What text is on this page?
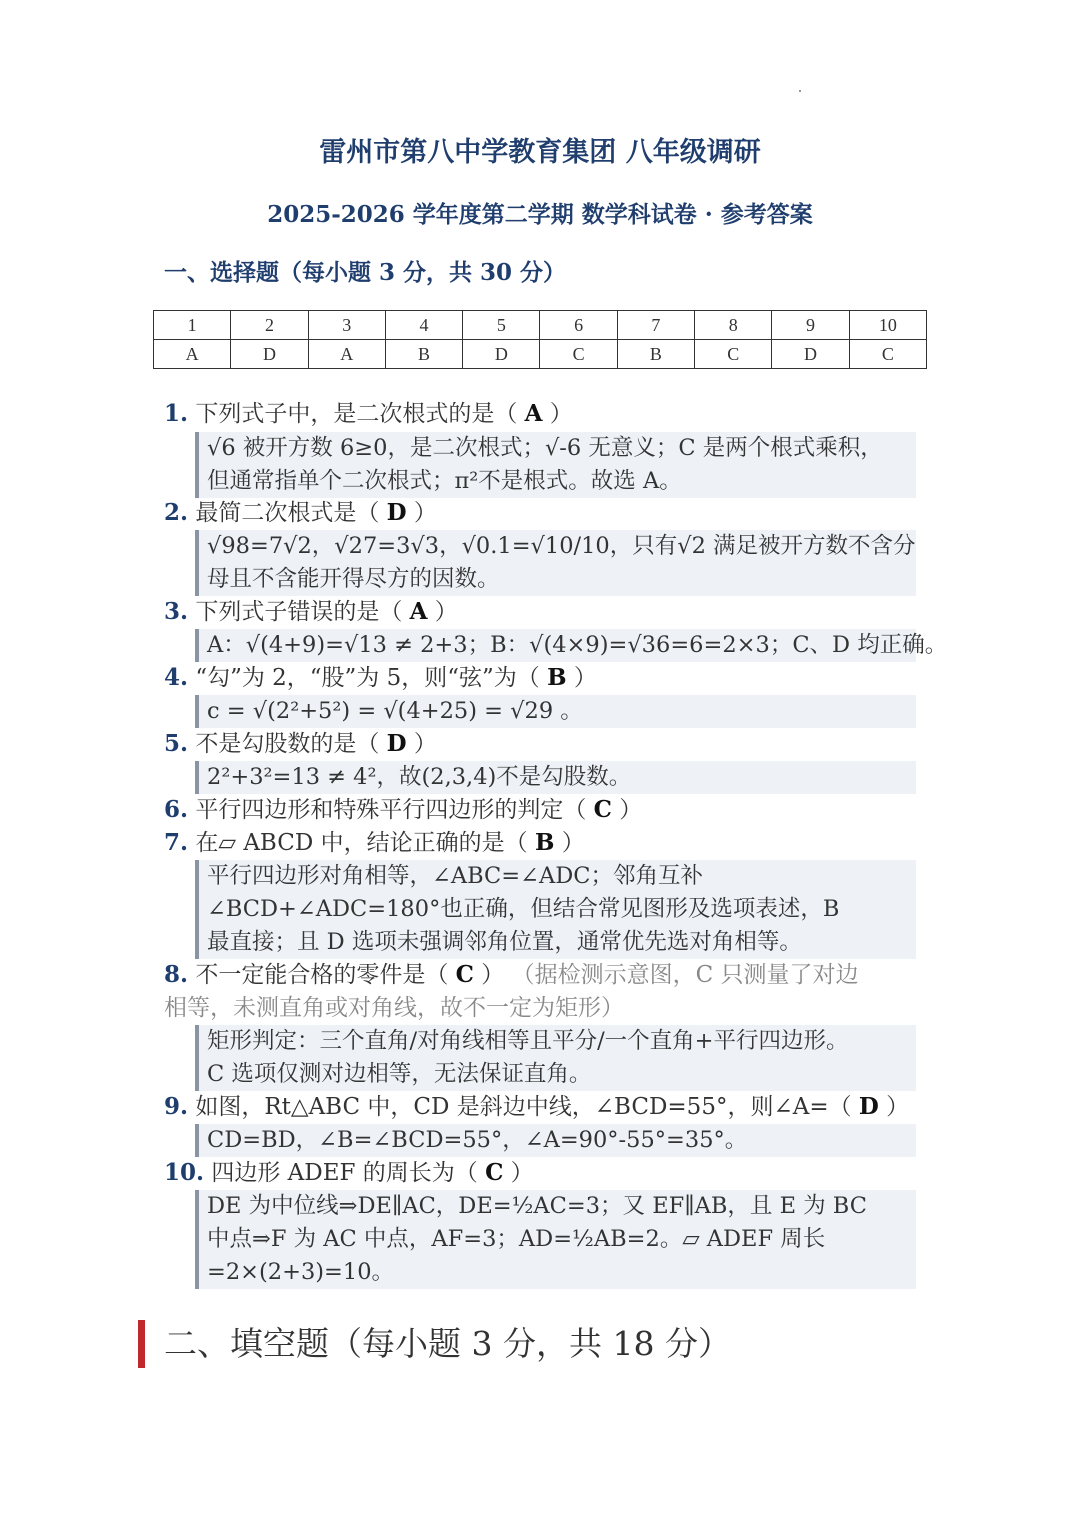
雷州市第八中学教育集团 八年级调研
2025-2026 学年度第二学期 数学科试卷 · 参考答案
一、选择题（每小题 3 分，共 30 分）
1	2	3	4	5	6	7	8	9	10
A	D	A	B	D	C	B	C	D	C
1. 下列式子中，是二次根式的是（ A ）
√6 被开方数 6≥0，是二次根式；√-6 无意义；C 是两个根式乘积，
但通常指单个二次根式；π²不是根式。故选 A。
2. 最简二次根式是（ D ）
√98=7√2，√27=3√3，√0.1=√10/10，只有√2 满足被开方数不含分
母且不含能开得尽方的因数。
3. 下列式子错误的是（ A ）
A：√(4+9)=√13 ≠ 2+3；B：√(4×9)=√36=6=2×3；C、D 均正确。
4. “勾”为 2，“股”为 5，则“弦”为（ B ）
c = √(2²+5²) = √(4+25) = √29 。
5. 不是勾股数的是（ D ）
2²+3²=13 ≠ 4²，故(2,3,4)不是勾股数。
6. 平行四边形和特殊平行四边形的判定（ C ）
7. 在▱ ABCD 中，结论正确的是（ B ）
平行四边形对角相等，∠ABC=∠ADC；邻角互补
∠BCD+∠ADC=180°也正确，但结合常见图形及选项表述，B
最直接；且 D 选项未强调邻角位置，通常优先选对角相等。
8. 不一定能合格的零件是（ C ） （据检测示意图，C 只测量了对边
相等，未测直角或对角线，故不一定为矩形）
矩形判定：三个直角/对角线相等且平分/一个直角+平行四边形。
C 选项仅测对边相等，无法保证直角。
9. 如图，Rt△ABC 中，CD 是斜边中线，∠BCD=55°，则∠A=（ D ）
CD=BD，∠B=∠BCD=55°，∠A=90°-55°=35°。
10. 四边形 ADEF 的周长为（ C ）
DE 为中位线⇒DE∥AC，DE=½AC=3；又 EF∥AB，且 E 为 BC
中点⇒F 为 AC 中点，AF=3；AD=½AB=2。▱ ADEF 周长
=2×(2+3)=10。
二、填空题（每小题 3 分，共 18 分）
